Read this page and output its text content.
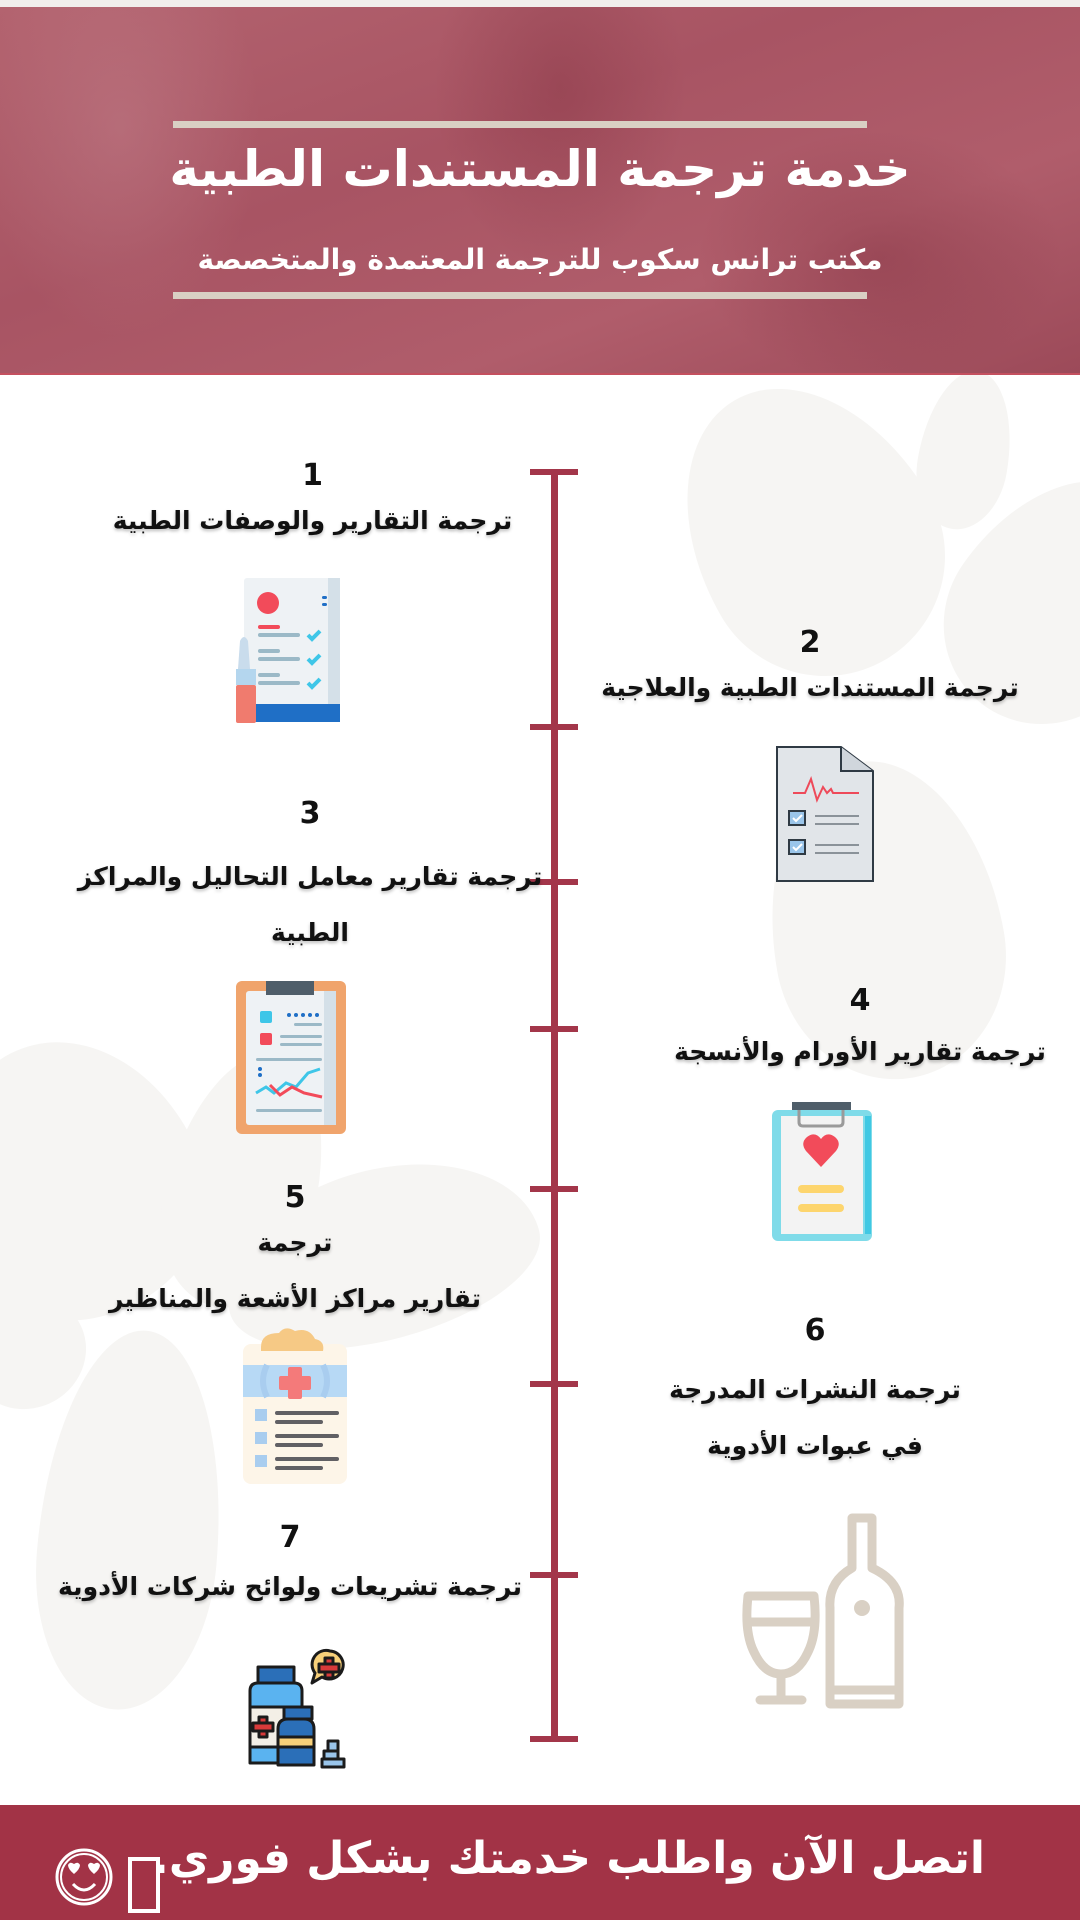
خدمة ترجمة المستندات الطبية
مكتب ترانس سكوب للترجمة المعتمدة والمتخصصة
1
ترجمة التقارير والوصفات الطبية
2
ترجمة المستندات الطبية والعلاجية
3
ترجمة تقارير معامل التحاليل والمراكز
الطبية
4
ترجمة تقارير الأورام والأنسجة
5
ترجمة
تقارير مراكز الأشعة والمناظير
6
ترجمة النشرات المدرجة
في عبوات الأدوية
7
ترجمة تشريعات ولوائح شركات الأدوية
اتصل الآن واطلب خدمتك بشكل فوري.
